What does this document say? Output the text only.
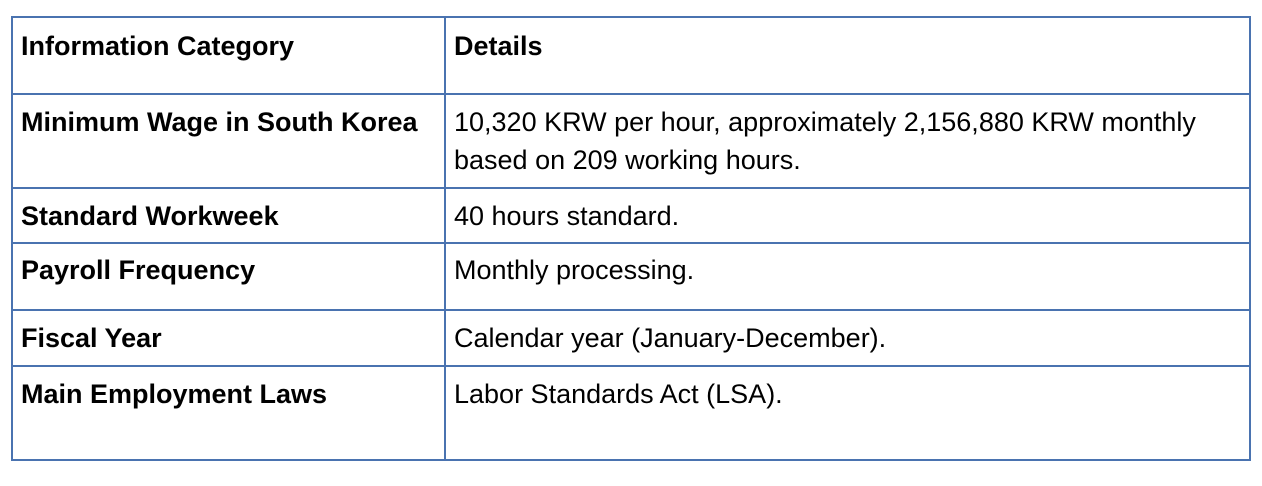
Information Category	Details
Minimum Wage in South Korea	10,320 KRW per hour, approximately 2,156,880 KRW monthly based on 209 working hours.
Standard Workweek	40 hours standard.
Payroll Frequency	Monthly processing.
Fiscal Year	Calendar year (January-December).
Main Employment Laws	Labor Standards Act (LSA).
